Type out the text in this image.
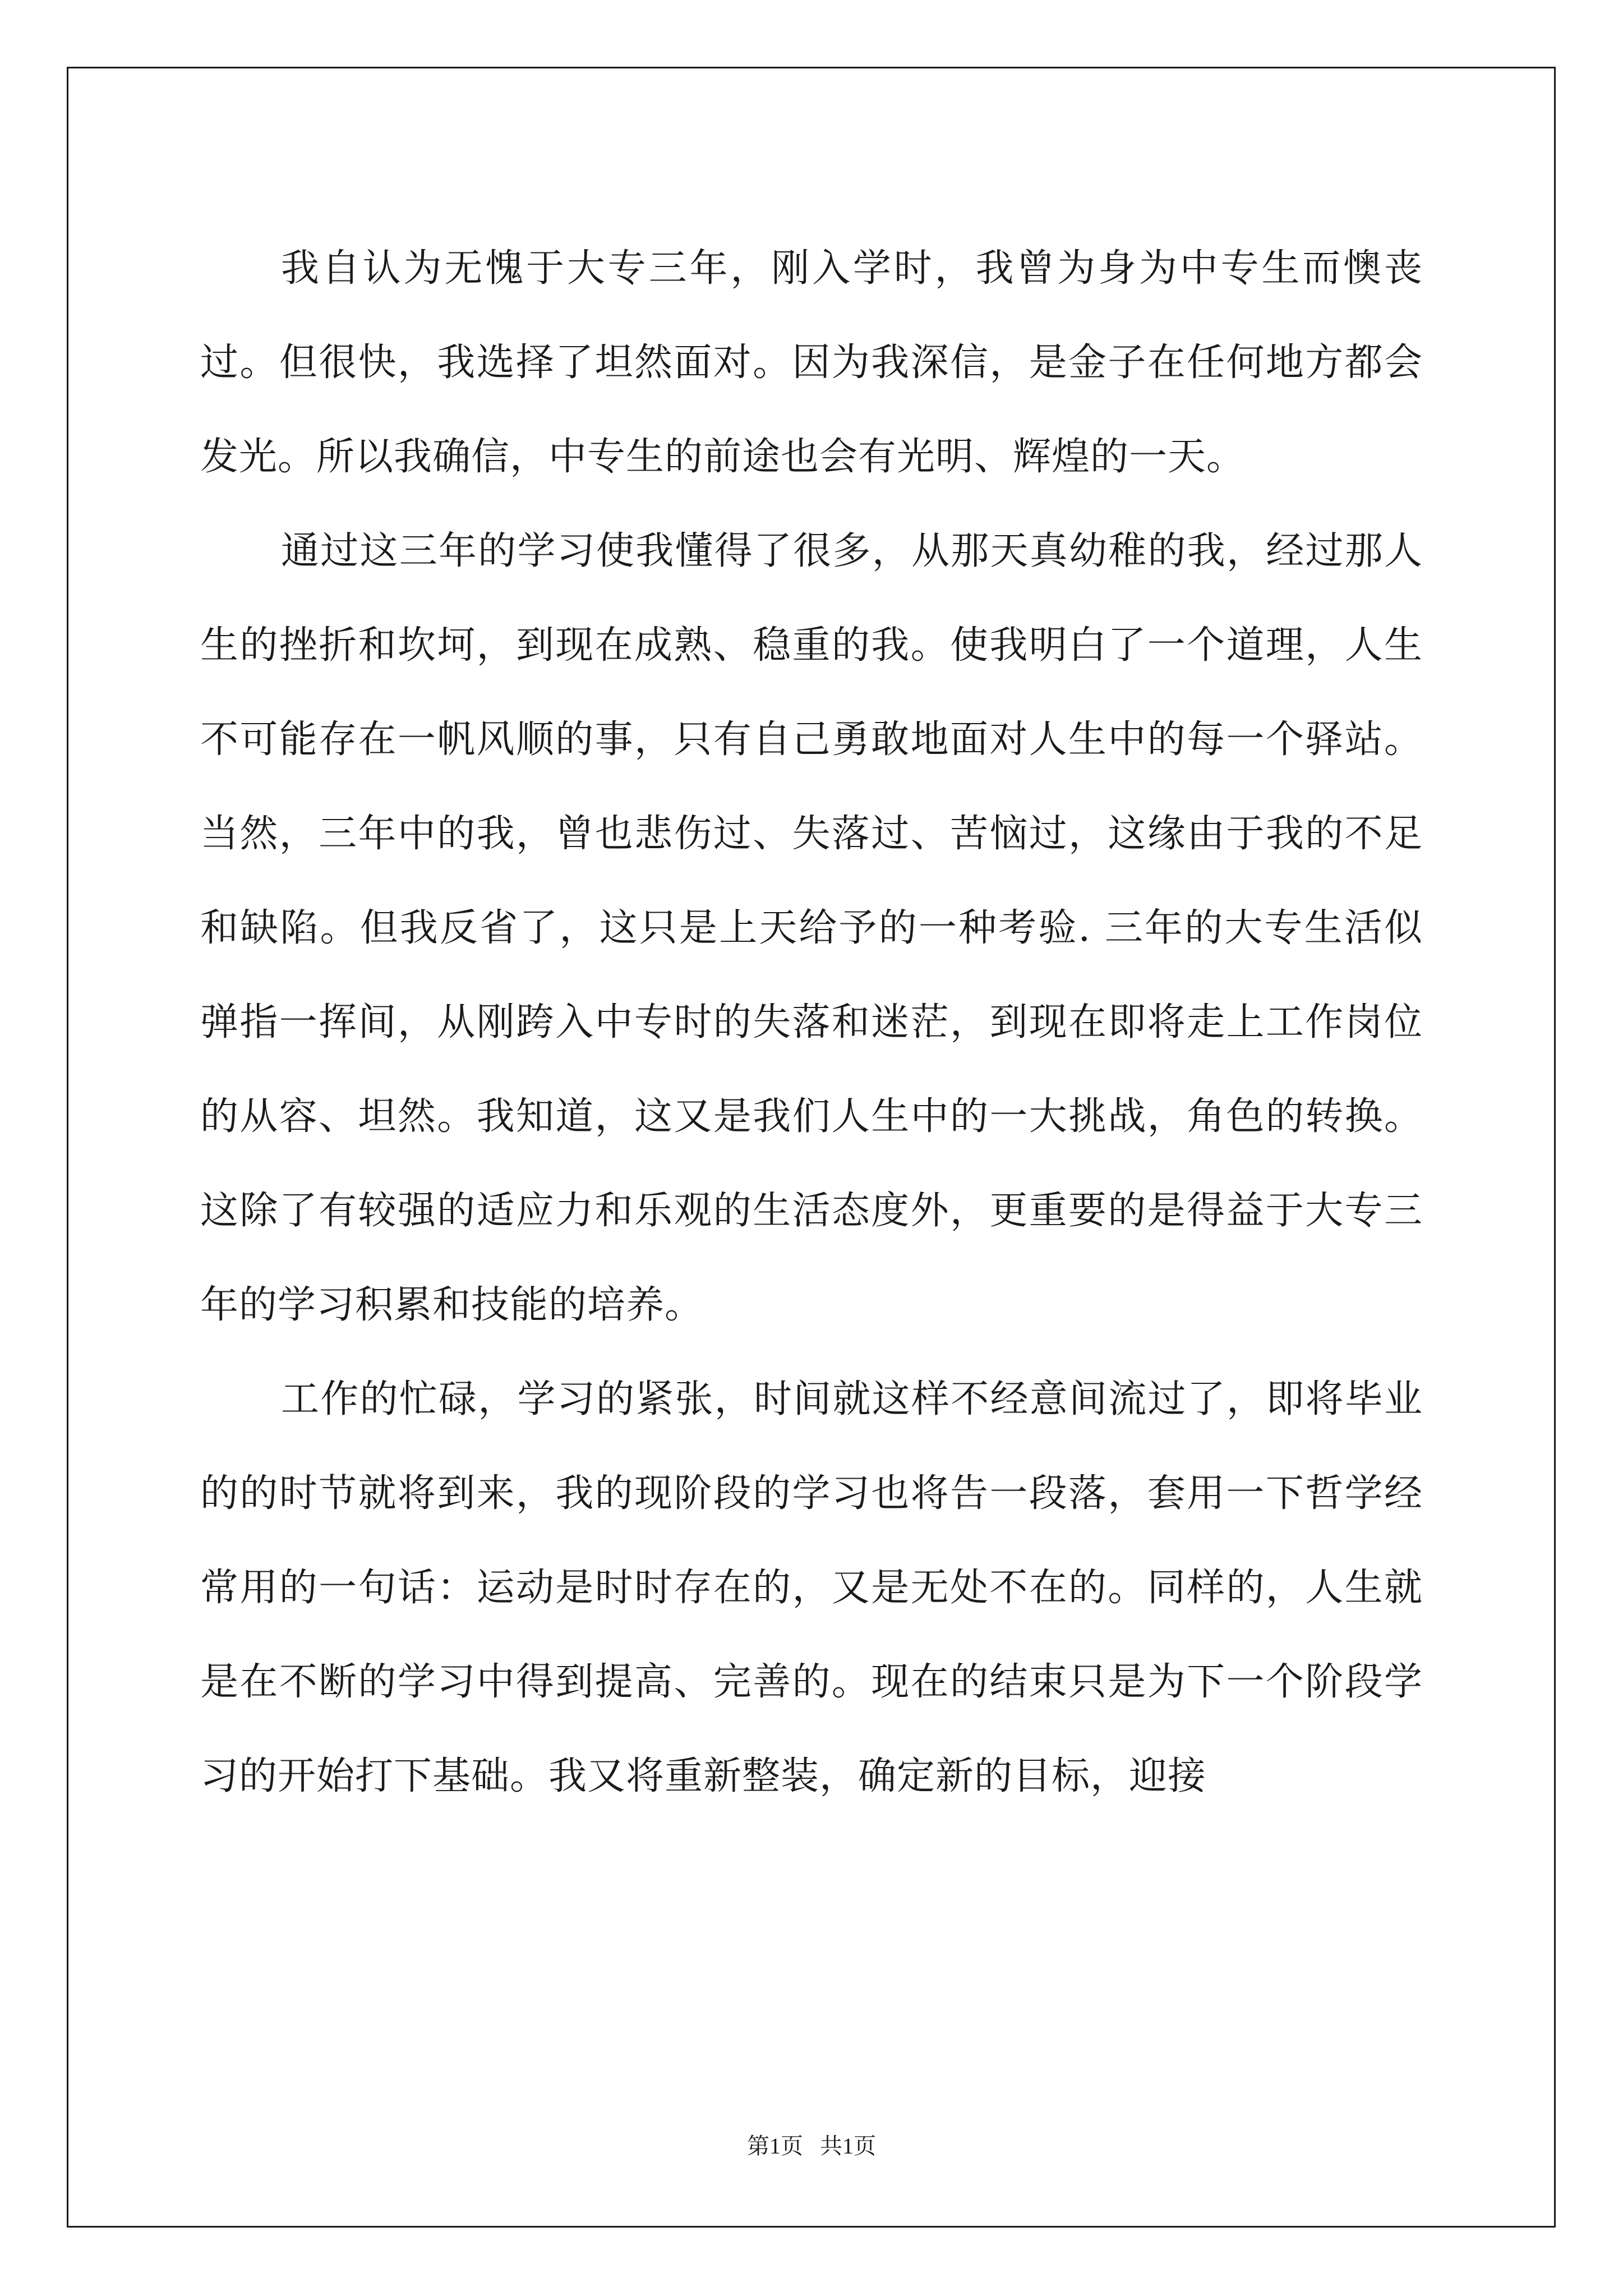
我自认为无愧于大专三年，刚入学时，我曾为身为中专生而懊丧过。但很快，我选择了坦然面对。因为我深信，是金子在任何地方都会发光。所以我确信，中专生的前途也会有光明、辉煌的一天。

通过这三年的学习使我懂得了很多，从那天真幼稚的我，经过那人生的挫折和坎坷，到现在成熟、稳重的我。使我明白了一个道理，人生不可能存在一帆风顺的事，只有自己勇敢地面对人生中的每一个驿站。当然，三年中的我，曾也悲伤过、失落过、苦恼过，这缘由于我的不足和缺陷。但我反省了，这只是上天给予的一种考验. 三年的大专生活似弹指一挥间，从刚跨入中专时的失落和迷茫，到现在即将走上工作岗位的从容、坦然。我知道，这又是我们人生中的一大挑战，角色的转换。这除了有较强的适应力和乐观的生活态度外，更重要的是得益于大专三年的学习积累和技能的培养。

工作的忙碌，学习的紧张，时间就这样不经意间流过了，即将毕业的的时节就将到来，我的现阶段的学习也将告一段落，套用一下哲学经常用的一句话：运动是时时存在的，又是无处不在的。同样的，人生就是在不断的学习中得到提高、完善的。现在的结束只是为下一个阶段学习的开始打下基础。我又将重新整装，确定新的目标，迎接

第1页   共1页
